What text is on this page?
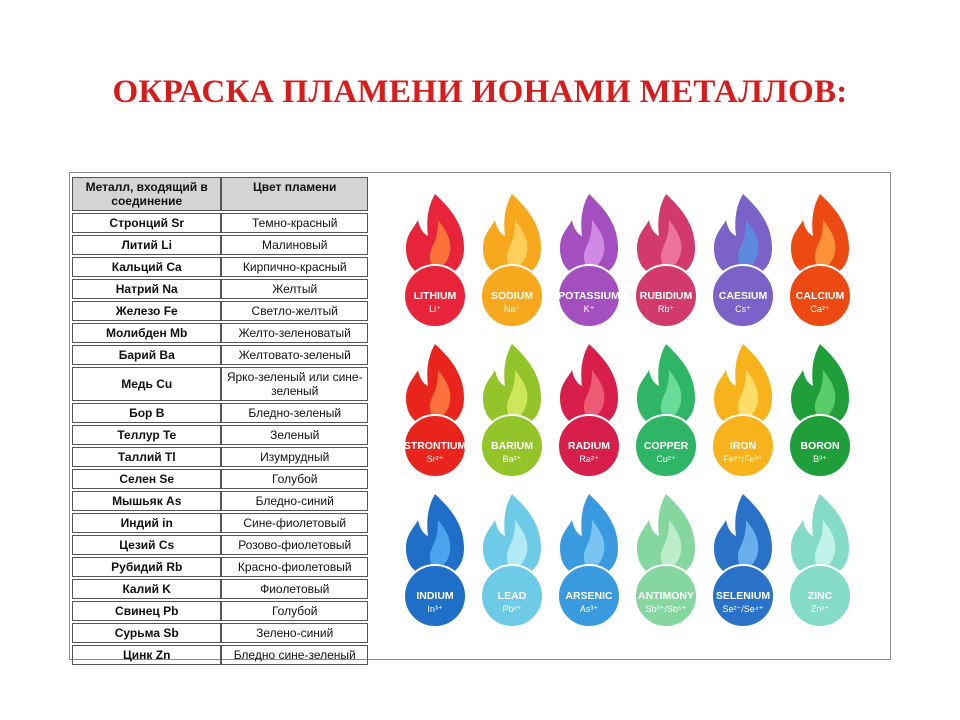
ОКРАСКА ПЛАМЕНИ ИОНАМИ МЕТАЛЛОВ:
Металл, входящий в соединение	Цвет пламени
Стронций Sr	Темно-красный
Литий Li	Малиновый
Кальций Ca	Кирпично-красный
Натрий Na	Желтый
Железо Fe	Светло-желтый
Молибден Mb	Желто-зеленоватый
Барий Ba	Желтовато-зеленый
Медь Cu	Ярко-зеленый или сине-зеленый
Бор B	Бледно-зеленый
Теллур Te	Зеленый
Таллий Tl	Изумрудный
Селен Se	Голубой
Мышьяк As	Бледно-синий
Индий in	Сине-фиолетовый
Цезий Cs	Розово-фиолетовый
Рубидий Rb	Красно-фиолетовый
Калий K	Фиолетовый
Свинец Pb	Голубой
Сурьма Sb	Зелено-синий
Цинк Zn	Бледно сине-зеленый
LITHIUM
Li⁺
SODIUM
Na⁺
POTASSIUM
K⁺
RUBIDIUM
Rb⁺
CAESIUM
Cs⁺
CALCIUM
Ca²⁺
STRONTIUM
Sr²⁺
BARIUM
Ba²⁺
RADIUM
Ra²⁺
COPPER
Cu²⁺
IRON
Fe²⁺/Fe³⁺
BORON
B³⁺
INDIUM
In³⁺
LEAD
Pb²⁺
ARSENIC
As³⁺
ANTIMONY
Sb³⁺/Sb⁵⁺
SELENIUM
Se²⁻/Se⁴⁺
ZINC
Zn²⁺
